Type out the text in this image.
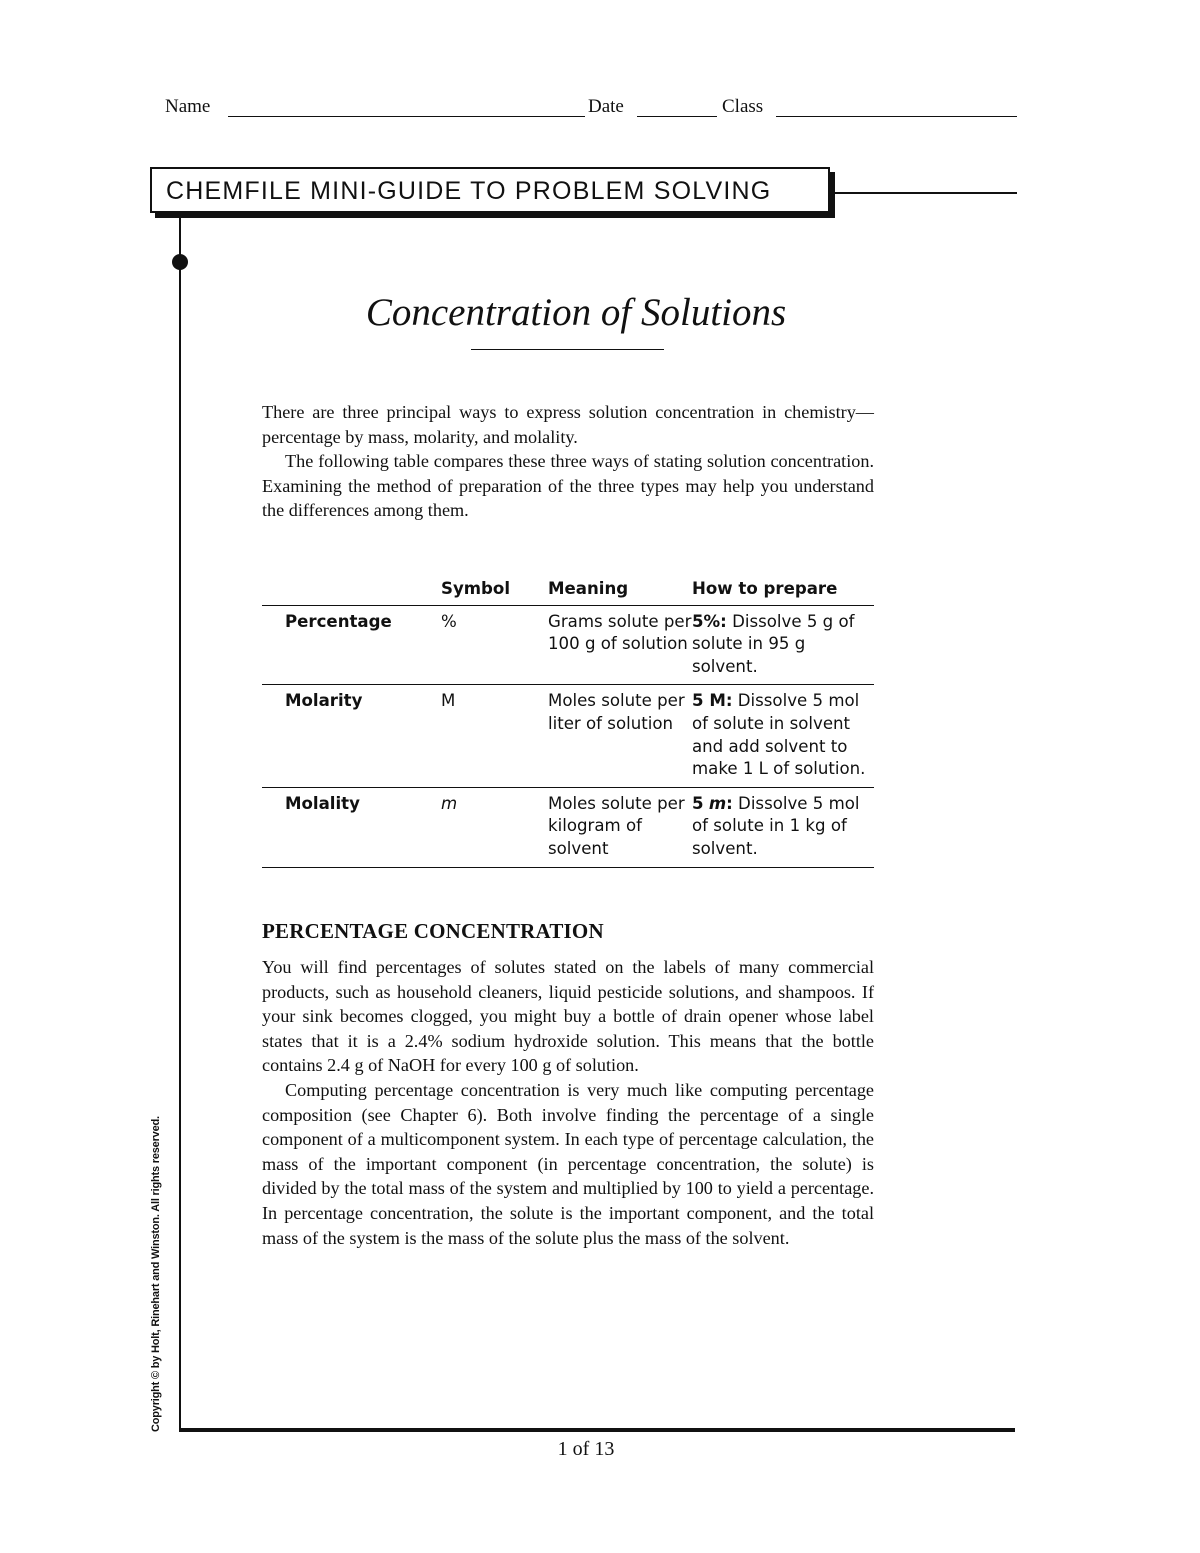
Name	Date	Class
CHEMFILE MINI-GUIDE TO PROBLEM SOLVING
Concentration of Solutions

There are three principal ways to express solution concentration in chemistry—percentage by mass, molarity, and molality.

The following table compares these three ways of stating solution concentration. Examining the method of preparation of the three types may help you understand the differences among them.

	Symbol	Meaning	How to prepare
Percentage	%	Grams solute per 100 g of solution	5%: Dissolve 5 g of solute in 95 g solvent.
Molarity	M	Moles solute per liter of solution	5 M: Dissolve 5 mol of solute in solvent and add solvent to make 1 L of solution.
Molality	m	Moles solute per kilogram of solvent	5 m: Dissolve 5 mol of solute in 1 kg of solvent.
PERCENTAGE CONCENTRATION

You will find percentages of solutes stated on the labels of many commercial products, such as household cleaners, liquid pesticide solutions, and shampoos. If your sink becomes clogged, you might buy a bottle of drain opener whose label states that it is a 2.4% sodium hydroxide solution. This means that the bottle contains 2.4 g of NaOH for every 100 g of solution.

Computing percentage concentration is very much like computing percentage composition (see Chapter 6). Both involve finding the percentage of a single component of a multicomponent system. In each type of percentage calculation, the mass of the important component (in percentage concentration, the solute) is divided by the total mass of the system and multiplied by 100 to yield a percentage. In percentage concentration, the solute is the important component, and the total mass of the system is the mass of the solute plus the mass of the solvent.

Copyright © by Holt, Rinehart and Winston. All rights reserved.
1 of 13
